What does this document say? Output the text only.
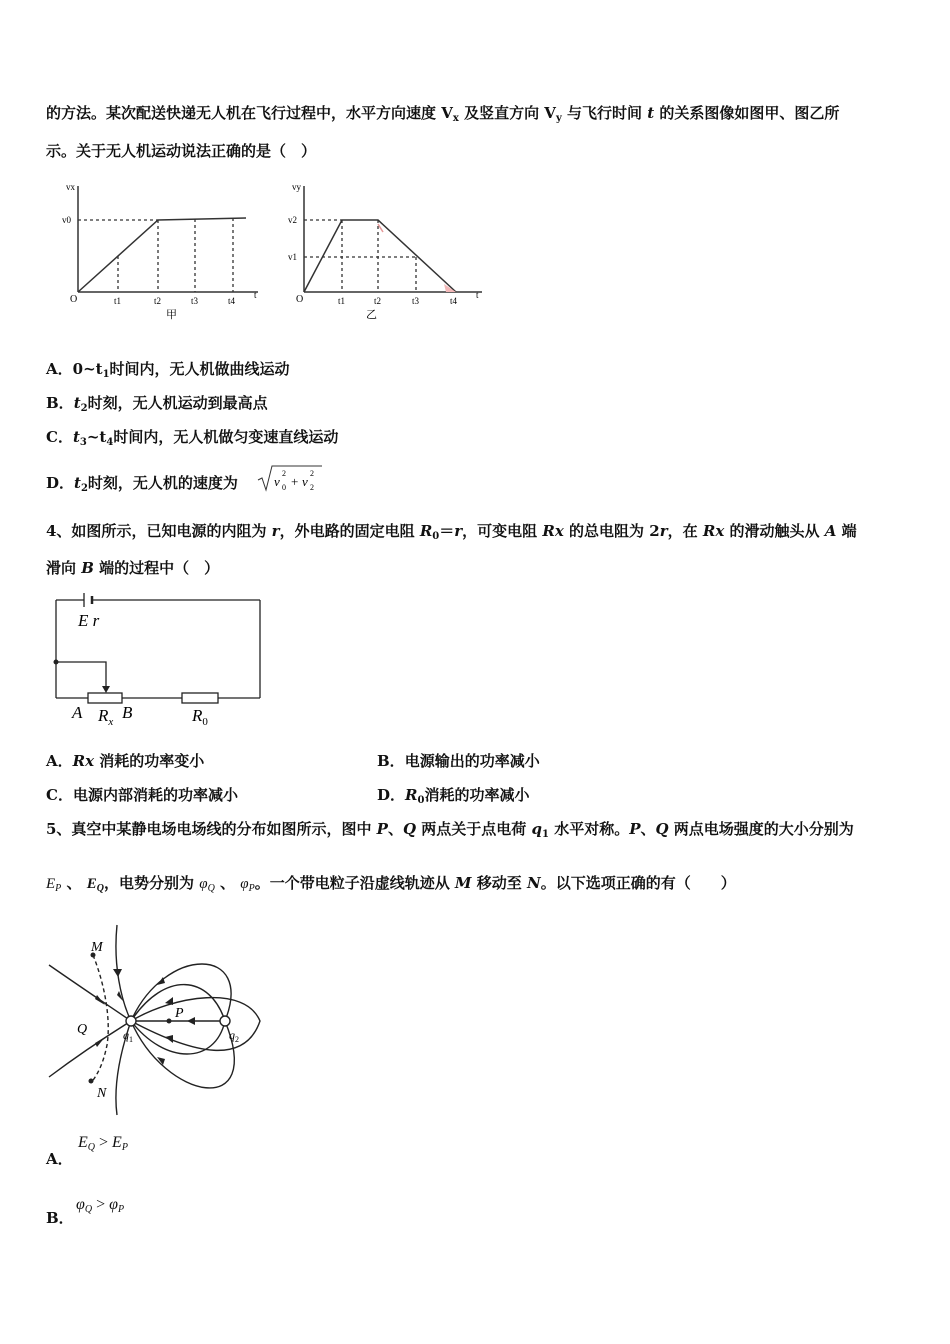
的方法。某次配送快递无人机在飞行过程中，水平方向速度 $V_x$ 及竖直方向 $V_y$ 与飞行时间 t 的关系图像如图甲、图乙所
示。关于无人机运动说法正确的是（　）
vx
v0
O	t1	t2	t3	t4
t
甲
vy
v2
v1
O	t1	t2	t3	t4
t
乙
A．$0\sim t_1$时间内，无人机做曲线运动
B．$t_2$时刻，无人机运动到最高点
C．$t_3\sim t_4$时间内，无人机做匀变速直线运动
D．$t_2$时刻，无人机的速度为	v
2
0 + v
2
2
4、如图所示，已知电源的内阻为 r，外电路的固定电阻 $R_0=r$，可变电阻 Rx 的总电阻为 2r，在 Rx 的滑动触头从 A 端
滑向 B 端的过程中（　）
E r
A $R_x$ B	$R_0$
A．Rx 消耗的功率变小	B．电源输出的功率减小
C．电源内部消耗的功率减小	D．$R_0$消耗的功率减小
5、真空中某静电场电场线的分布如图所示，图中 P、Q 两点关于点电荷 $q_1$ 水平对称。P、Q 两点电场强度的大小分别为
$E_P$ 、 $E_Q$，电势分别为 $\varphi_Q$ 、 $\varphi_P$。一个带电粒子沿虚线轨迹从 M 移动至 N。以下选项正确的有（　　）
M
Q
P
$q_1$	$q_2$
N
A．
$E_Q > E_P$
B．
$\varphi_Q > \varphi_P$
